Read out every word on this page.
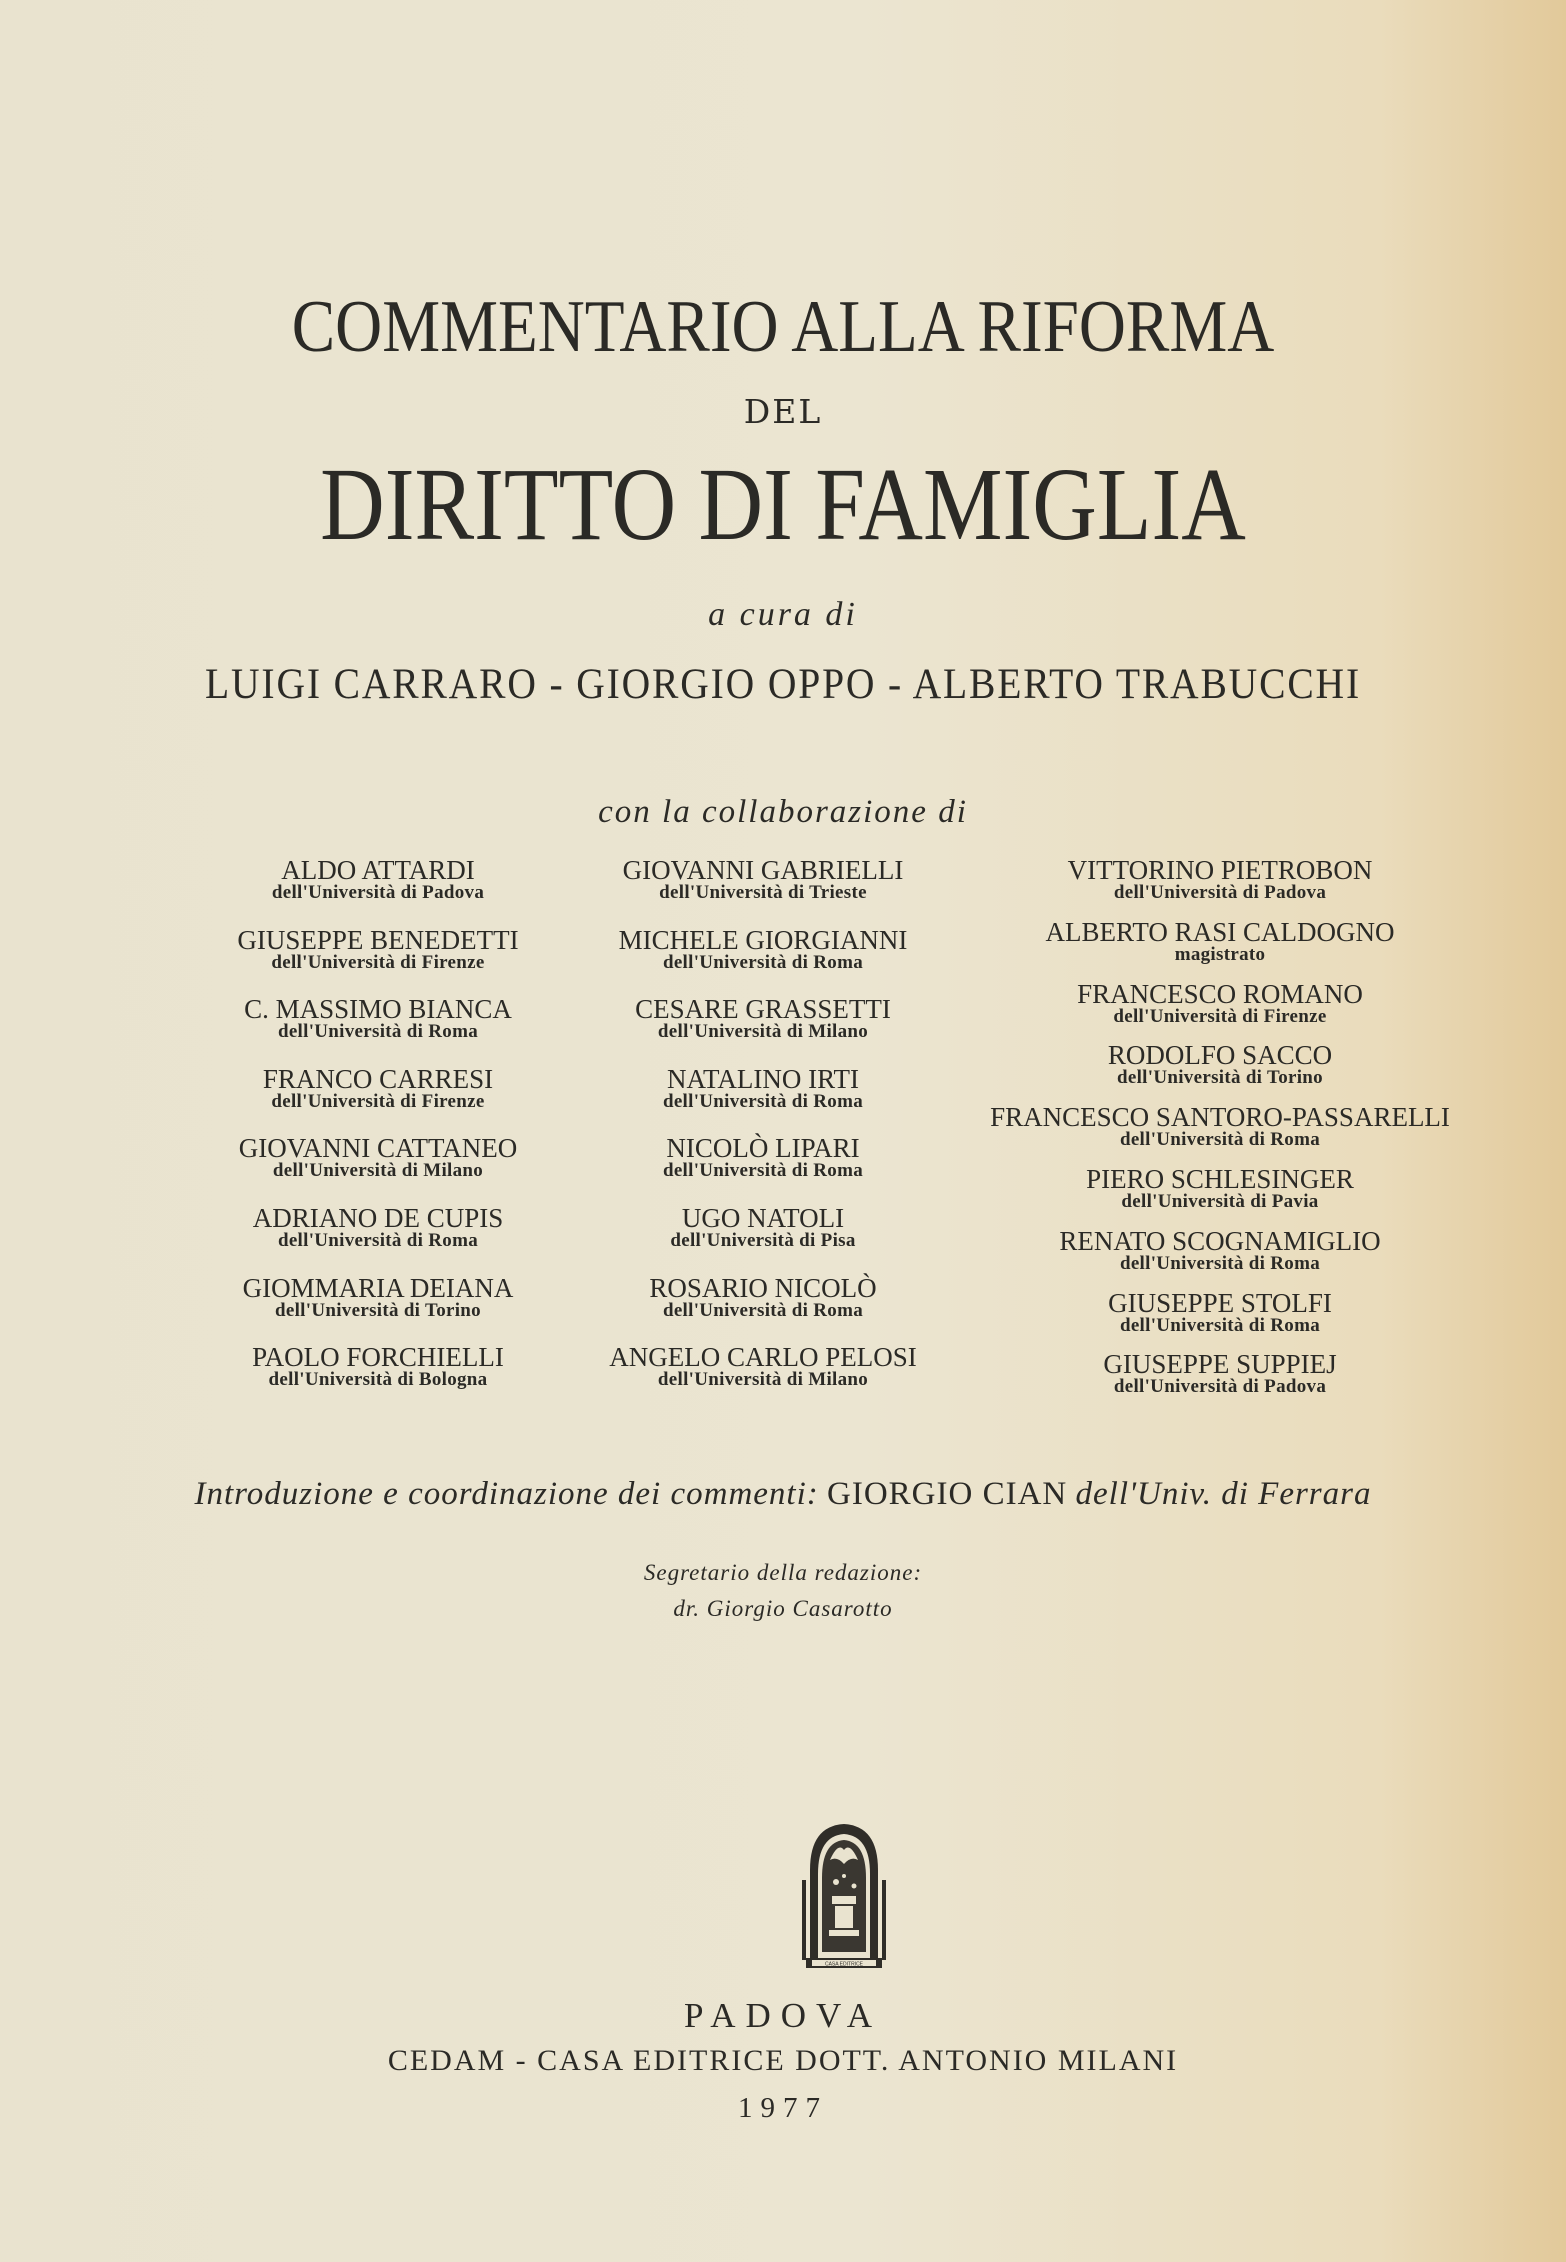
COMMENTARIO ALLA RIFORMA
DEL
DIRITTO DI FAMIGLIA
a cura di
LUIGI CARRARO - GIORGIO OPPO - ALBERTO TRABUCCHI
con la collaborazione di
ALDO ATTARDI
dell'Università di Padova
GIUSEPPE BENEDETTI
dell'Università di Firenze
C. MASSIMO BIANCA
dell'Università di Roma
FRANCO CARRESI
dell'Università di Firenze
GIOVANNI CATTANEO
dell'Università di Milano
ADRIANO DE CUPIS
dell'Università di Roma
GIOMMARIA DEIANA
dell'Università di Torino
PAOLO FORCHIELLI
dell'Università di Bologna
GIOVANNI GABRIELLI
dell'Università di Trieste
MICHELE GIORGIANNI
dell'Università di Roma
CESARE GRASSETTI
dell'Università di Milano
NATALINO IRTI
dell'Università di Roma
NICOLÒ LIPARI
dell'Università di Roma
UGO NATOLI
dell'Università di Pisa
ROSARIO NICOLÒ
dell'Università di Roma
ANGELO CARLO PELOSI
dell'Università di Milano
VITTORINO PIETROBON
dell'Università di Padova
ALBERTO RASI CALDOGNO
magistrato
FRANCESCO ROMANO
dell'Università di Firenze
RODOLFO SACCO
dell'Università di Torino
FRANCESCO SANTORO-PASSARELLI
dell'Università di Roma
PIERO SCHLESINGER
dell'Università di Pavia
RENATO SCOGNAMIGLIO
dell'Università di Roma
GIUSEPPE STOLFI
dell'Università di Roma
GIUSEPPE SUPPIEJ
dell'Università di Padova
Introduzione e coordinazione dei commenti: GIORGIO CIAN dell'Univ. di Ferrara
Segretario della redazione:
dr. Giorgio Casarotto
CASA EDITRICE
PADOVA
CEDAM - CASA EDITRICE DOTT. ANTONIO MILANI
1977
